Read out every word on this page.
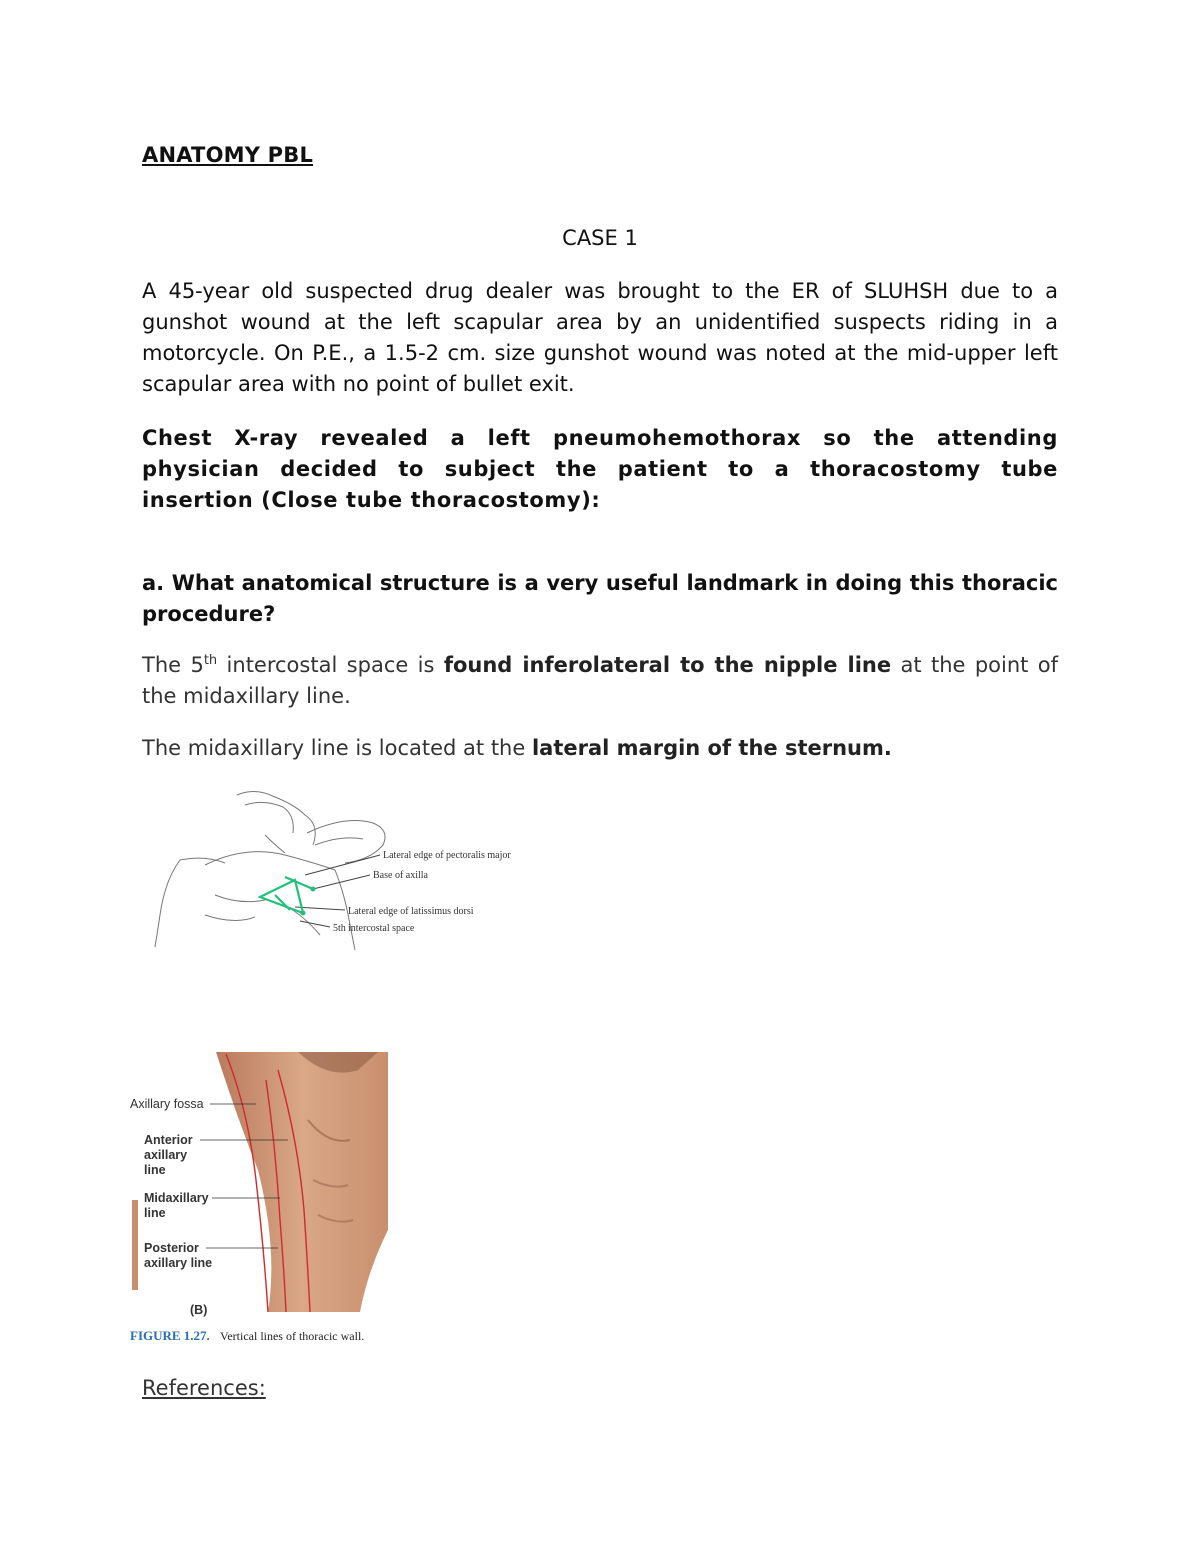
ANATOMY PBL
CASE 1
A 45-year old suspected drug dealer was brought to the ER of SLUHSH due to a gunshot wound at the left scapular area by an unidentified suspects riding in a motorcycle. On P.E., a 1.5-2 cm. size gunshot wound was noted at the mid-upper left scapular area with no point of bullet exit.
Chest X-ray revealed a left pneumohemothorax so the attending physician decided to subject the patient to a thoracostomy tube insertion (Close tube thoracostomy):
a. What anatomical structure is a very useful landmark in doing this thoracic procedure?
The 5th intercostal space is found inferolateral to the nipple line at the point of the midaxillary line.
The midaxillary line is located at the lateral margin of the sternum.
Lateral edge of pectoralis major
Base of axilla
Lateral edge of latissimus dorsi
5th intercostal space
Axillary fossa
Anterior
axillary
line
Midaxillary
line
Posterior
axillary line
(B)
FIGURE 1.27. Vertical lines of thoracic wall.
References:
